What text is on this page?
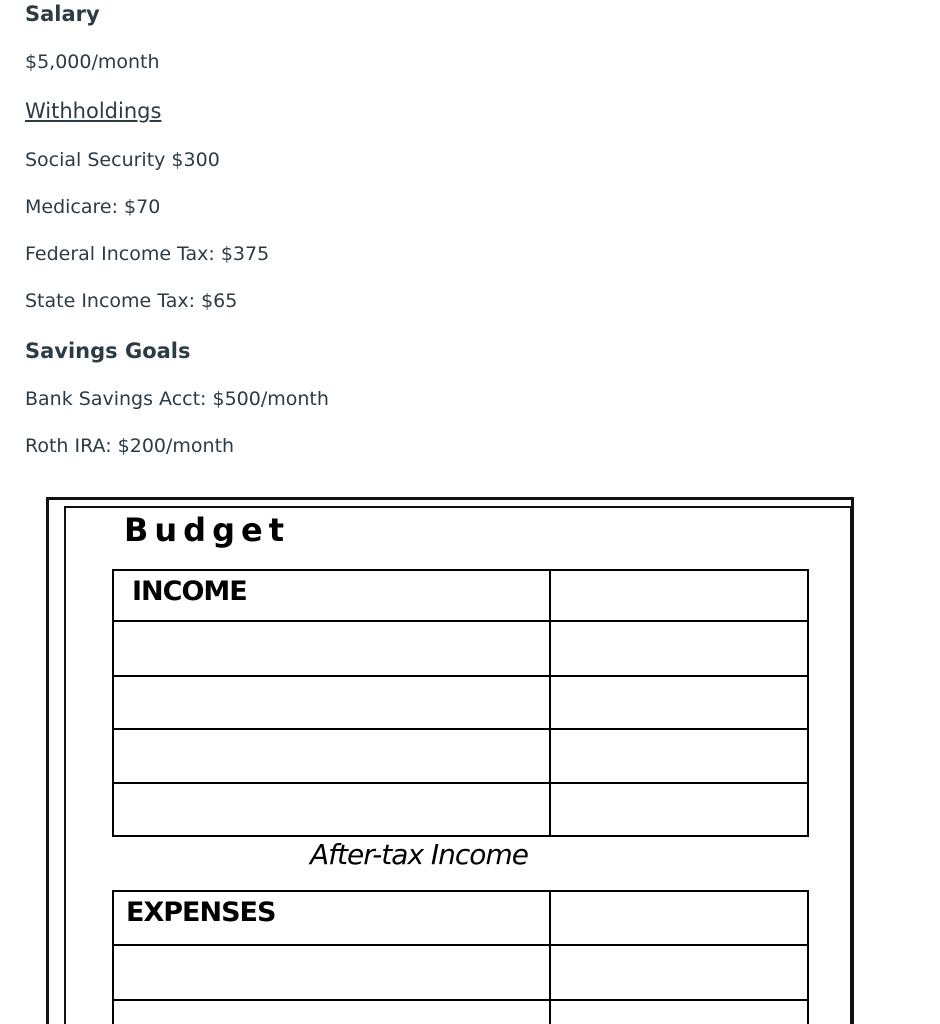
Salary
$5,000/month
Withholdings
Social Security $300
Medicare: $70
Federal Income Tax: $375
State Income Tax: $65
Savings Goals
Bank Savings Acct: $500/month
Roth IRA: $200/month
Budget
INCOME	

After-tax Income
EXPENSES	
